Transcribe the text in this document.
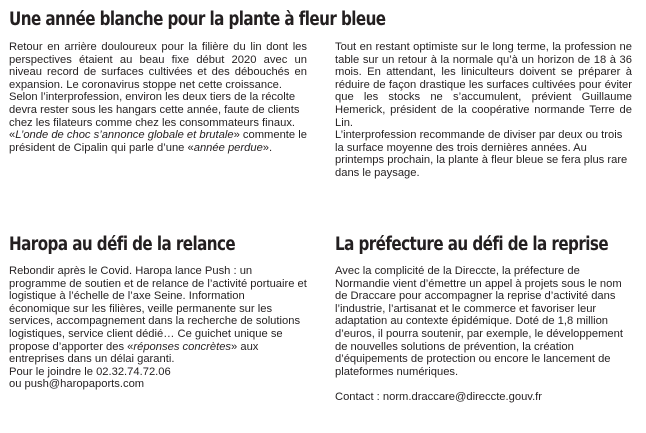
Une année blanche pour la plante à fleur bleue

Retour en arrière douloureux pour la filière du lin dont les perspectives étaient au beau fixe début 2020 avec un niveau record de surfaces cultivées et des débouchés en expansion. Le coronavirus stoppe net cette croissance.

Selon l’interprofession, environ les deux tiers de la récolte devra rester sous les hangars cette année, faute de clients chez les filateurs comme chez les consommateurs finaux. «L’onde de choc s’annonce globale et brutale» commente le président de Cipalin qui parle d’une «année perdue».

Tout en restant optimiste sur le long terme, la profession ne table sur un retour à la normale qu’à un horizon de 18 à 36 mois. En attendant, les liniculteurs doivent se préparer à réduire de façon drastique les surfaces cultivées pour éviter que les stocks ne s’accumulent, prévient Guillaume Hemerick, président de la coopérative normande Terre de Lin.

L’interprofession recommande de diviser par deux ou trois la surface moyenne des trois dernières années. Au printemps prochain, la plante à fleur bleue se fera plus rare dans le paysage.

Haropa au défi de la relance

Rebondir après le Covid. Haropa lance Push : un programme de soutien et de relance de l’activité portuaire et logistique à l’échelle de l’axe Seine. Information économique sur les filières, veille permanente sur les services, accompagnement dans la recherche de solutions logistiques, service client dédié… Ce guichet unique se propose d’apporter des «réponses concrètes» aux entreprises dans un délai garanti.

Pour le joindre le 02.32.74.72.06

ou push@haropaports.com

La préfecture au défi de la reprise

Avec la complicité de la Direccte, la préfecture de Normandie vient d’émettre un appel à projets sous le nom de Draccare pour accompagner la reprise d’activité dans l’industrie, l’artisanat et le commerce et favoriser leur adaptation au contexte épidémique. Doté de 1,8 million d’euros, il pourra soutenir, par exemple, le développement de nouvelles solutions de prévention, la création d’équipements de protection ou encore le lancement de plateformes numériques.

Contact : norm.draccare@direccte.gouv.fr
